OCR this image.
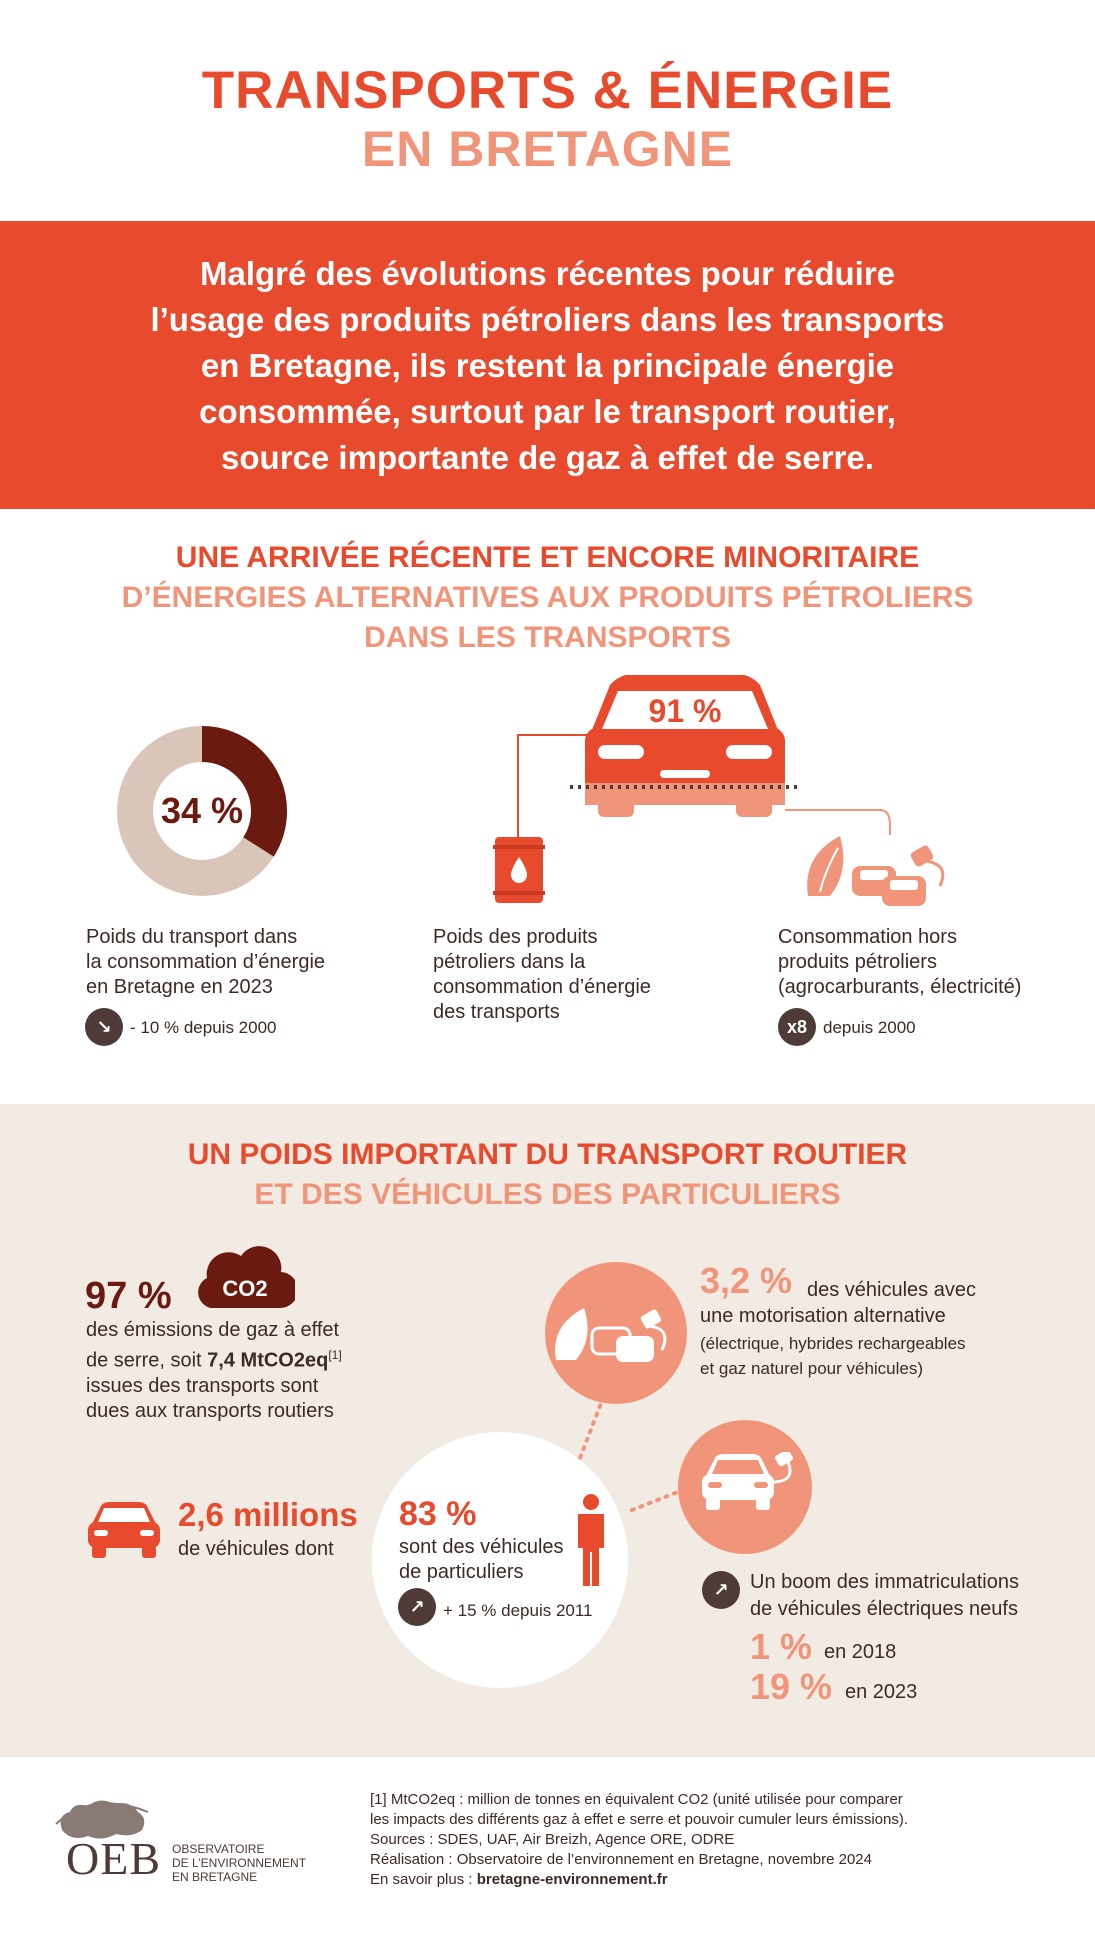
TRANSPORTS & ÉNERGIE
EN BRETAGNE

Malgré des évolutions récentes pour réduire
l’usage des produits pétroliers dans les transports
en Bretagne, ils restent la principale énergie
consommée, surtout par le transport routier,
source importante de gaz à effet de serre.

UNE ARRIVÉE RÉCENTE ET ENCORE MINORITAIRE
D’ÉNERGIES ALTERNATIVES AUX PRODUITS PÉTROLIERS
DANS LES TRANSPORTS
34 %
Poids du transport dans
la consommation d’énergie
en Bretagne en 2023
↘	- 10 % depuis 2000
91 %
Poids des produits
pétroliers dans la
consommation d’énergie
des transports
Consommation hors
produits pétroliers
(agrocarburants, électricité)
x8 depuis 2000
UN POIDS IMPORTANT DU TRANSPORT ROUTIER
ET DES VÉHICULES DES PARTICULIERS
97 % CO2
des émissions de gaz à effet
de serre, soit 7,4 MtCO2eq[1]
issues des transports sont
dues aux transports routiers
2,6 millions
de véhicules dont
83 %
sont des véhicules
de particuliers
↗	+ 15 % depuis 2011
3,2 % des véhicules avec
une motorisation alternative
(électrique, hybrides rechargeables
et gaz naturel pour véhicules)
↗	Un boom des immatriculations
de véhicules électriques neufs
1 % en 2018
19 % en 2023
OEB OBSERVATOIRE
DE L’ENVIRONNEMENT
EN BRETAGNE

[1] MtCO2eq : million de tonnes en équivalent CO2 (unité utilisée pour comparer

les impacts des différents gaz à effet e serre et pouvoir cumuler leurs émissions).

Sources : SDES, UAF, Air Breizh, Agence ORE, ODRE

Réalisation : Observatoire de l’environnement en Bretagne, novembre 2024

En savoir plus : bretagne-environnement.fr
